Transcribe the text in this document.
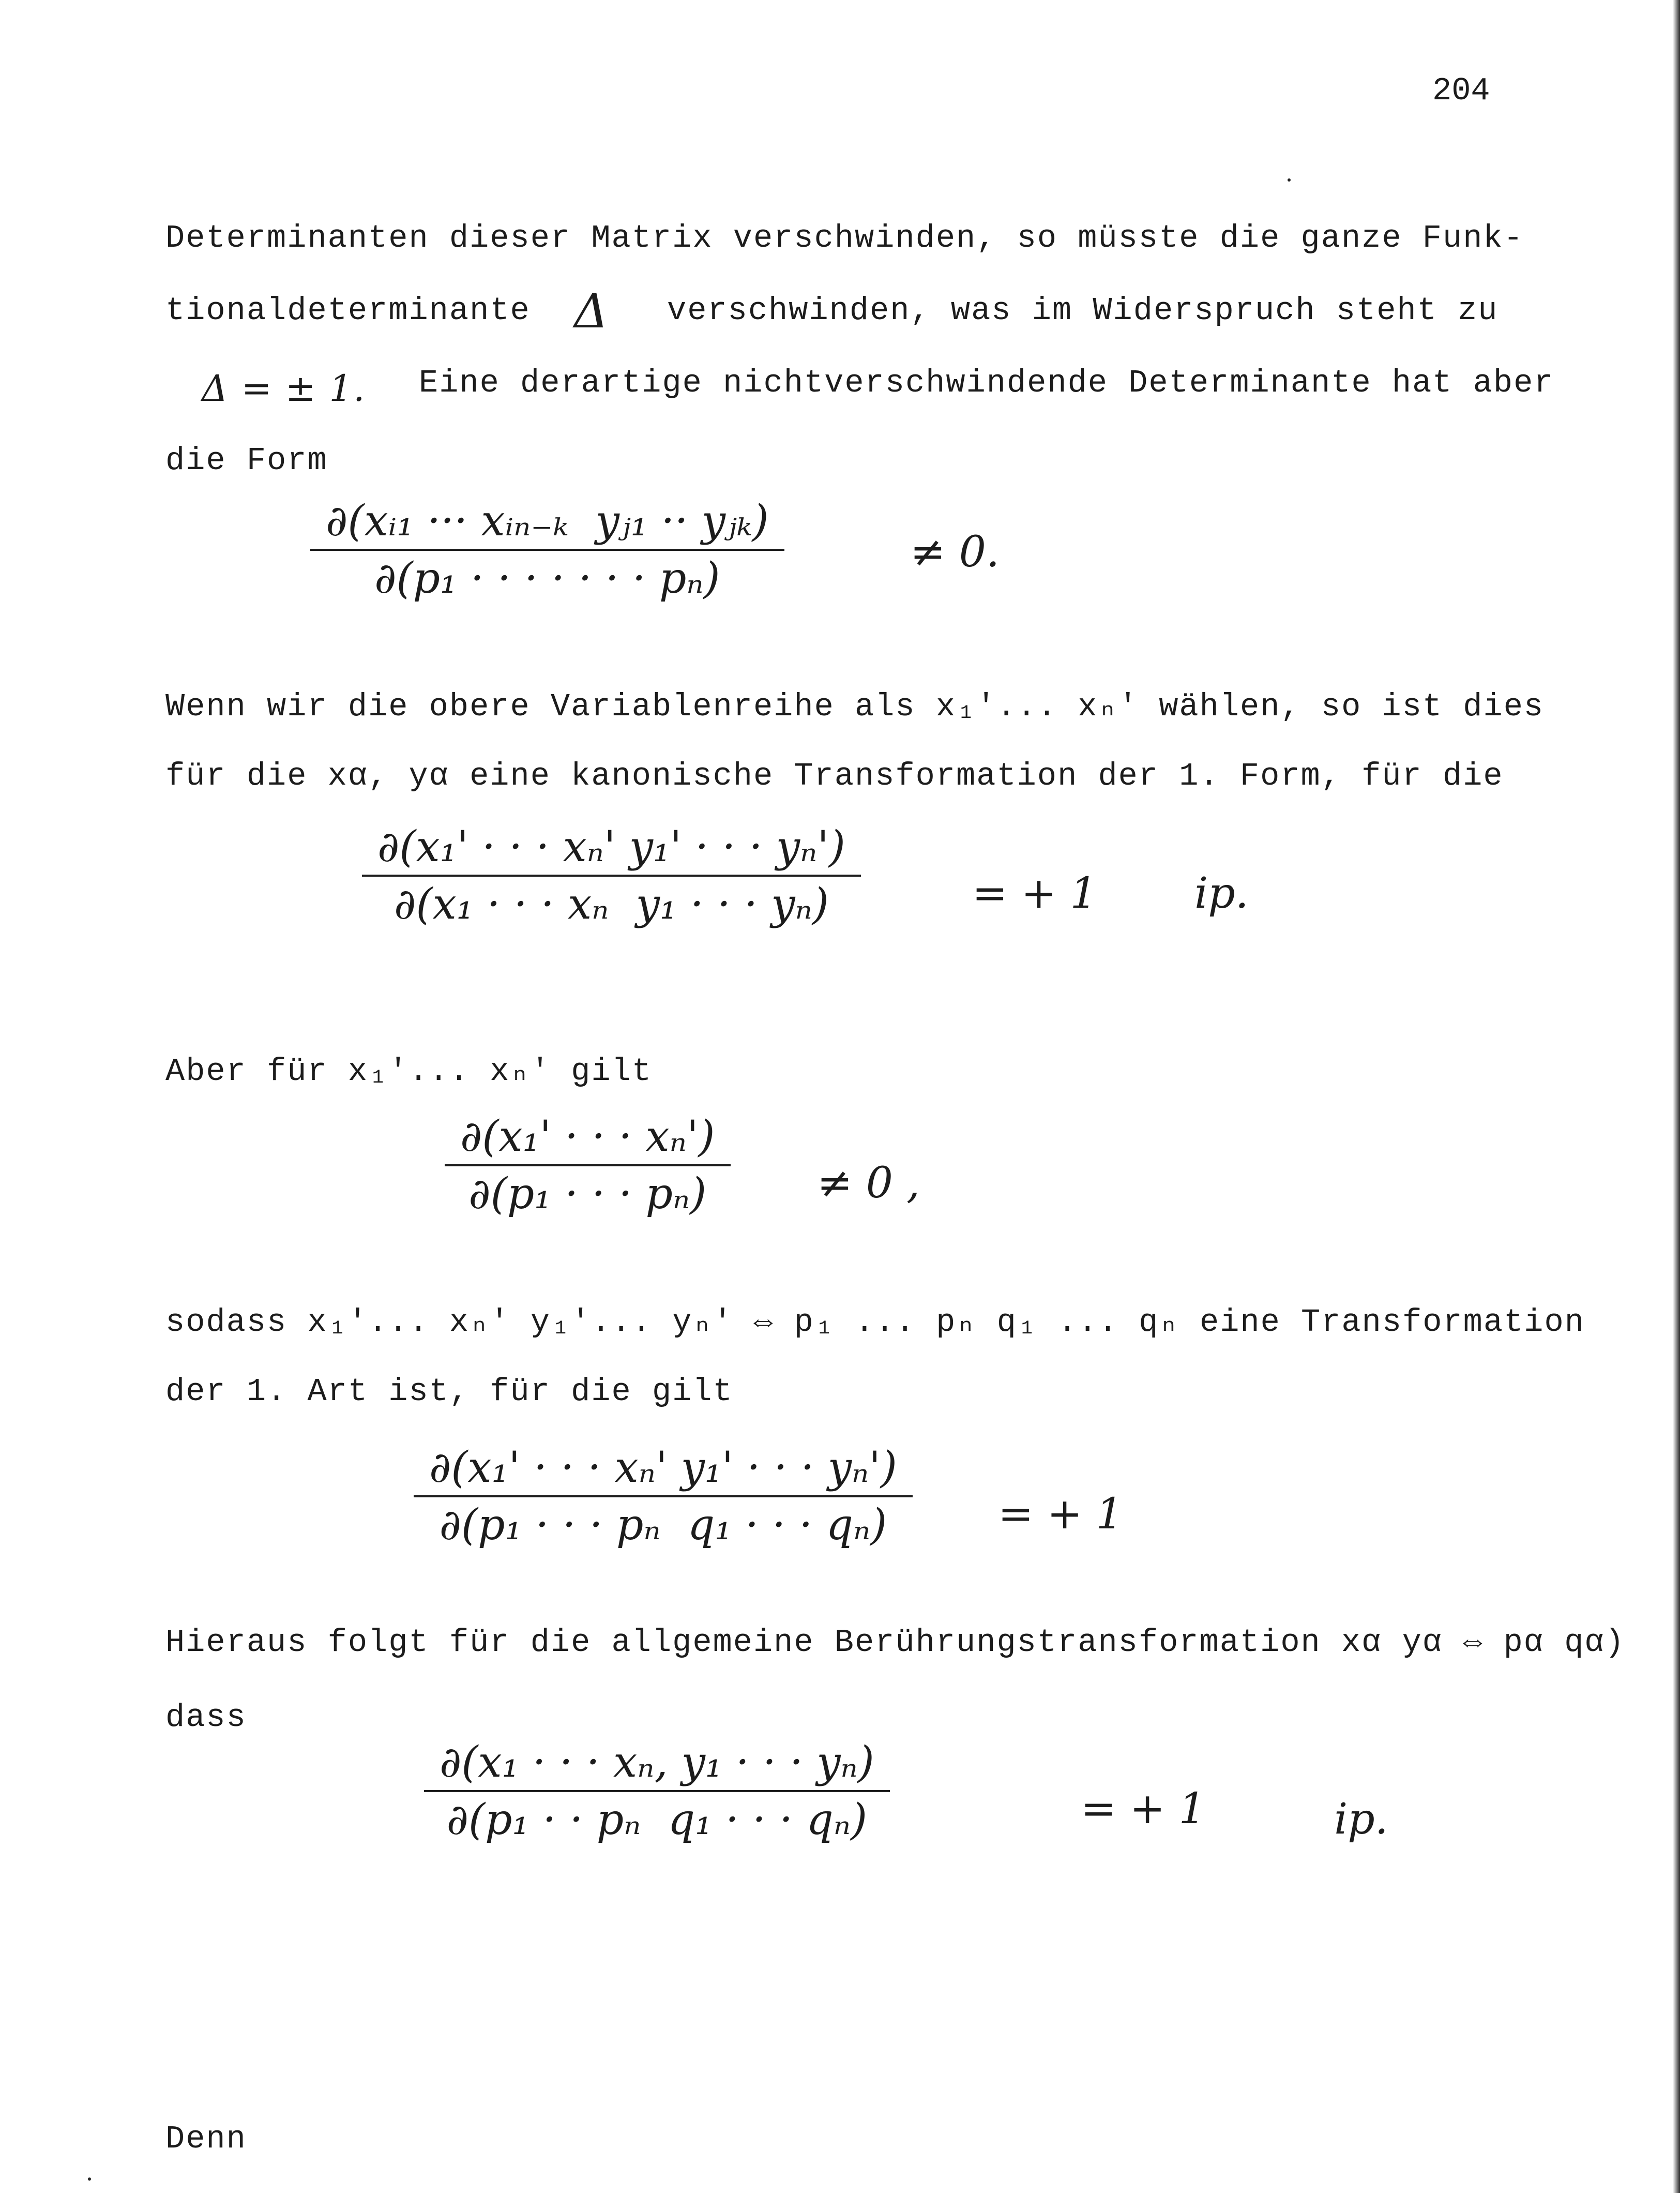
204
Determinanten dieser Matrix verschwinden, so müsste die ganze Funk-
tionaldeterminante Δ verschwinden, was im Widerspruch steht zu
Δ = ± 1. Eine derartige nichtverschwindende Determinante hat aber
die Form
∂(xᵢ₁ ··· xᵢₙ₋ₖ  yⱼ₁ ·· yⱼₖ)
∂(p₁ · · · · · · · pₙ)
≠ 0.
Wenn wir die obere Variablenreihe als x₁'... xₙ' wählen, so ist dies
für die xα, yα eine kanonische Transformation der 1. Form, für die
∂(x₁' · · · xₙ' y₁' · · · yₙ')
∂(x₁ · · · xₙ  y₁ · · · yₙ)	= + 1 ip.
Aber für x₁'... xₙ' gilt
∂(x₁' · · · xₙ')
∂(p₁ · · · pₙ)	≠ 0 ,
sodass x₁'... xₙ' y₁'... yₙ' ⇔ p₁ ... pₙ q₁ ... qₙ eine Transformation
der 1. Art ist, für die gilt
∂(x₁' · · · xₙ' y₁' · · · yₙ')
∂(p₁ · · · pₙ  q₁ · · · qₙ)	= + 1
Hieraus folgt für die allgemeine Berührungstransformation xα yα ⇔ pα qα)
dass
∂(x₁ · · · xₙ, y₁ · · · yₙ)
∂(p₁ · · pₙ  q₁ · · · qₙ)	= + 1	ip.
Denn
